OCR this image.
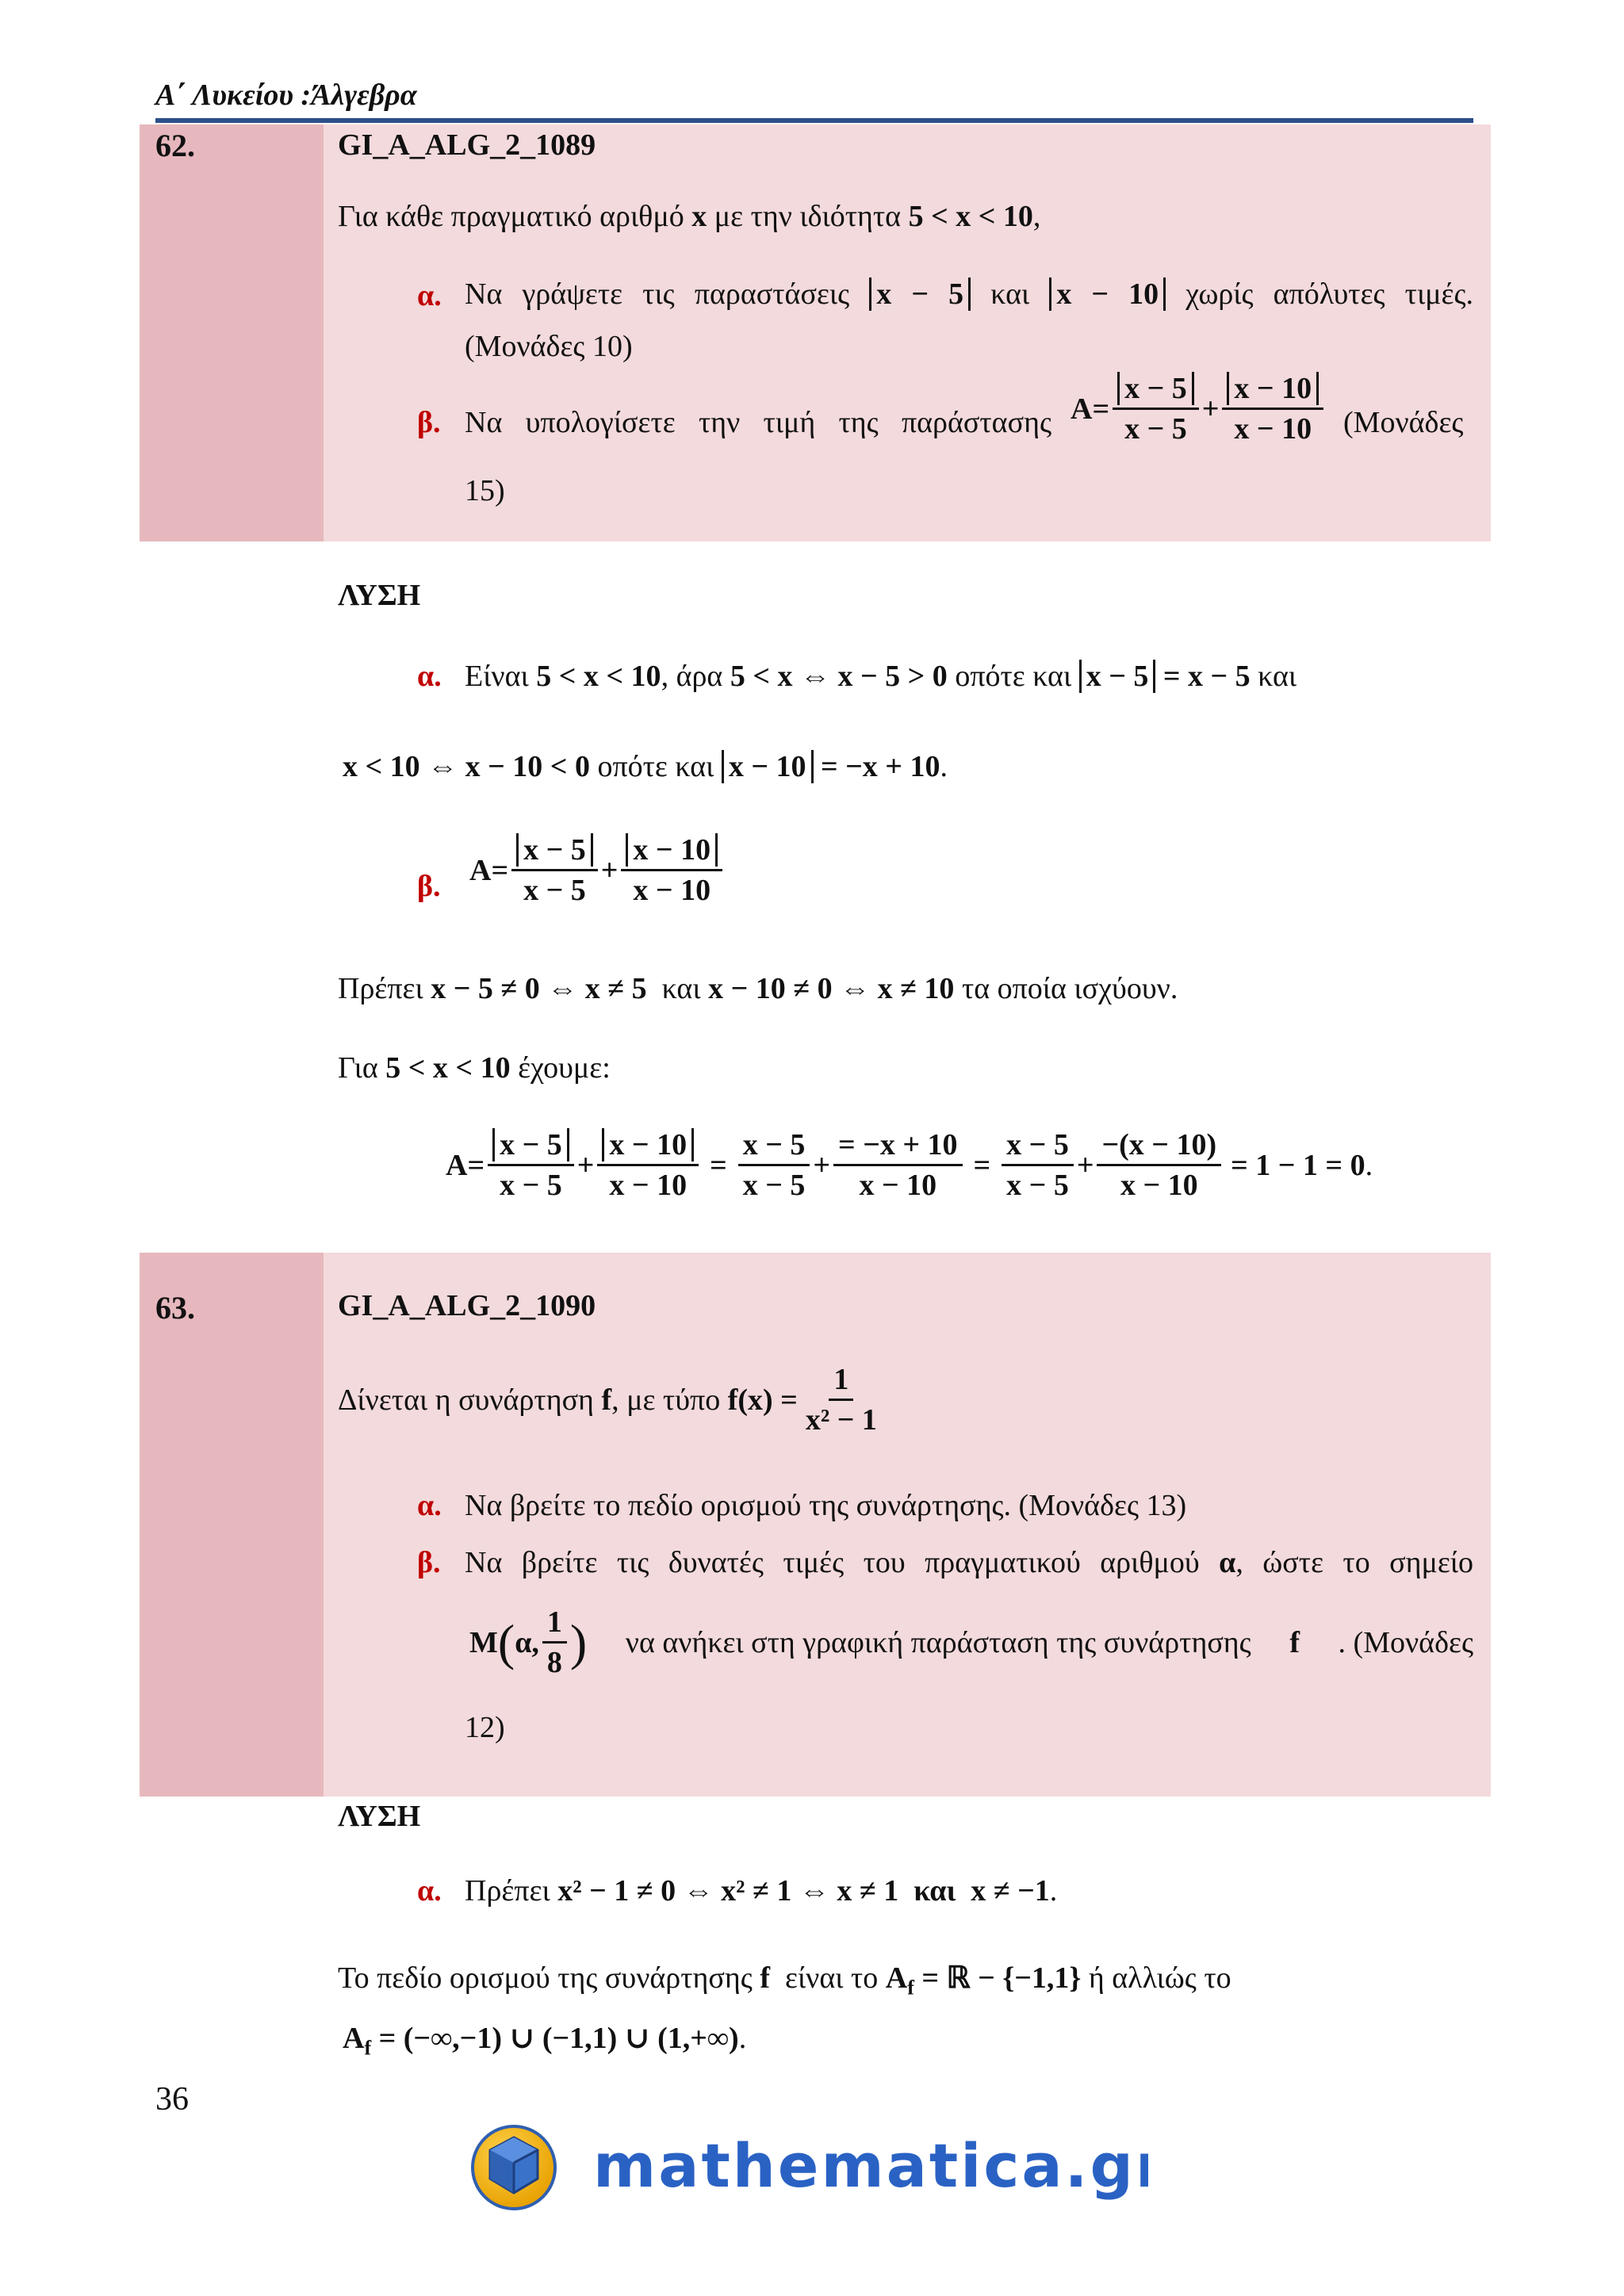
Α΄ Λυκείου :Άλγεβρα
62.	GI_A_ALG_2_1089
Για κάθε πραγματικό αριθμό x με την ιδιότητα 5 < x < 10,
α. Να γράψετε τις παραστάσεις x − 5 και x − 10 χωρίς απόλυτες τιμές.
(Μονάδες 10)
β. Να υπολογίσετε την τιμή της παράστασης $A= \frac{x - 5}{x - 5} + \frac{x - 10}{x - 10} (Mo\nu ά\delta\varepsilon\varsigma$
15)
ΛΥΣΗ
α. Είναι 5 < x < 10, άρα 5 < x ⇔ x − 5 > 0 οπότε και x − 5 = x − 5 και
x < 10 ⇔ x − 10 < 0 οπότε και x − 10 = −x + 10.
β. $A= \frac{x - 5}{x - 5} + \frac{x - 10}{x - 10}$
Πρέπει x − 5 ≠ 0 ⇔ x ≠ 5 και x − 10 ≠ 0 ⇔ x ≠ 10 τα οποία ισχύουν.
Για 5 < x < 10 έχουμε:
$A= \frac{x - 5}{x - 5} + \frac{x - 10}{x - 10} = \frac{x - 5}{x - 5} + \frac{= -x + 10}{x - 10} = \frac{x - 5}{x - 5} + \frac{-(x - 10)}{x - 10} = 1 - 1 = 0$ .
63.	GI_A_ALG_2_1090
Δίνεται η συνάρτηση
f , με τύπο
$f(x) = \frac{1}{\text{x² − 1}}$
α. Να βρείτε το πεδίο ορισμού της συνάρτησης. (Μονάδες 13)
β. Να βρείτε τις δυνατές τιμές του πραγματικού αριθμού α, ώστε το σημείο
M ( α, $\frac{1}{8}$ ) να ανήκει στη γραφική παράσταση της συνάρτησης f . (Μονάδες
12)
ΛΥΣΗ
α. Πρέπει x² − 1 ≠ 0 ⇔ x² ≠ 1 ⇔ x ≠ 1 και x ≠ −1.
Το πεδίο ορισμού της συνάρτησης f είναι το $A_f$ = ℝ − {−1,1} ή αλλιώς το
$A_f = (-\infty,-1)$ ∪ (−1,1) ∪ (1,+∞).
36
mathematica.gr
